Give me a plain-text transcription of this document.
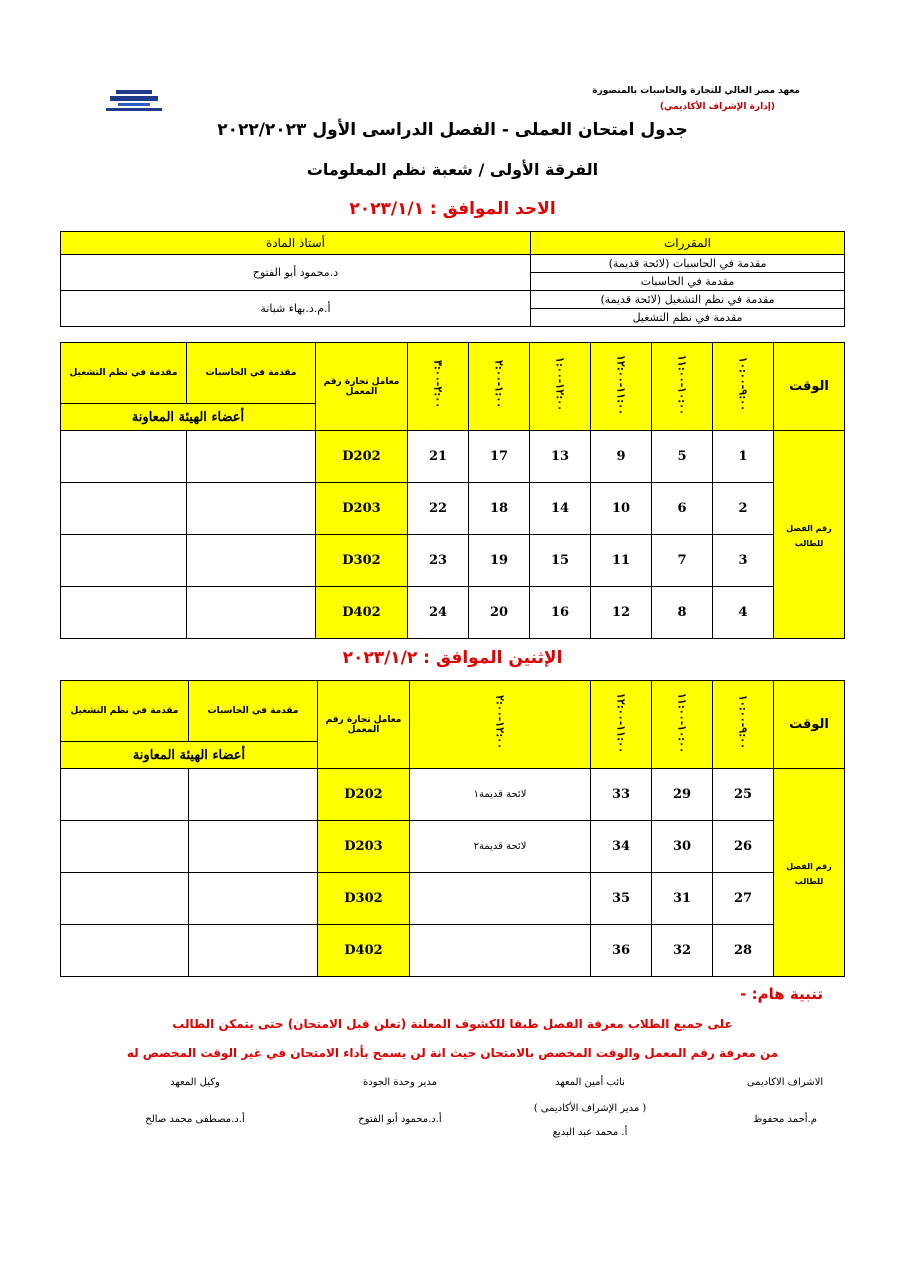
معهد مصر العالي للتجارة والحاسبات بالمنصورة
(إدارة الإشراف الأكاديمي)
جدول امتحان العملى - الفصل الدراسى الأول ٢٠٢٢/٢٠٢٣
الفرقة الأولى / شعبة نظم المعلومات
الاحد الموافق : ٢٠٢٣/١/١
المقررات	أستاذ المادة
مقدمة في الحاسبات (لائحة قديمة)	د.محمود أبو الفتوح
مقدمة في الحاسبات	
مقدمة في نظم التشغيل (لائحة قديمة)	أ.م.د.بهاء شبانة
مقدمة في نظم التشغيل	
الوقت	٩:٠٠-١٠:٠٠	١٠:٠٠-١١:٠٠	١١:٠٠-١٢:٠٠	١٢:٠٠-١:٠٠	١:٠٠-٢:٠٠	٢:٠٠-٣:٠٠	معامل تجارة رقم المعمل	مقدمة في الحاسبات	مقدمة في نظم التشغيل
								أعضاء الهيئة المعاونة	
رقم الفصل للطالب	1	5	9	13	17	21	D202		
	2	6	10	14	18	22	D203		
	3	7	11	15	19	23	D302		
	4	8	12	16	20	24	D402		
الإثنين الموافق : ٢٠٢٣/١/٢
الوقت	٩:٠٠-١٠:٠٠	١٠:٠٠-١١:٠٠	١١:٠٠-١٢:٠٠	١٢:٠٠-٢:٠٠	معامل تجارة رقم المعمل	مقدمة في الحاسبات	مقدمة في نظم التشغيل
						أعضاء الهيئة المعاونة	
رقم الفصل للطالب	25	29	33	لائحة قديمة١	D202		
	26	30	34	لائحة قديمة٢	D203		
	27	31	35		D302		
	28	32	36		D402		
تنبية هام: -
على جميع الطلاب معرفة الفصل طبقا للكشوف المعلنة (تعلن قبل الامتحان) حتى يتمكن الطالب
من معرفة رقم المعمل والوقت المخصص بالامتحان حيث انة لن يسمح بأداء الامتحان في غير الوقت المخصص له
الاشراف الاكاديمى
م.أحمد محفوظ
نائب أمين المعهد
( مدير الإشراف الأكاديمى )
أ. محمد عبد البديع
مدير وحدة الجودة
أ.د.محمود أبو الفتوح
وكيل المعهد
أ.د.مصطفى محمد صالح
